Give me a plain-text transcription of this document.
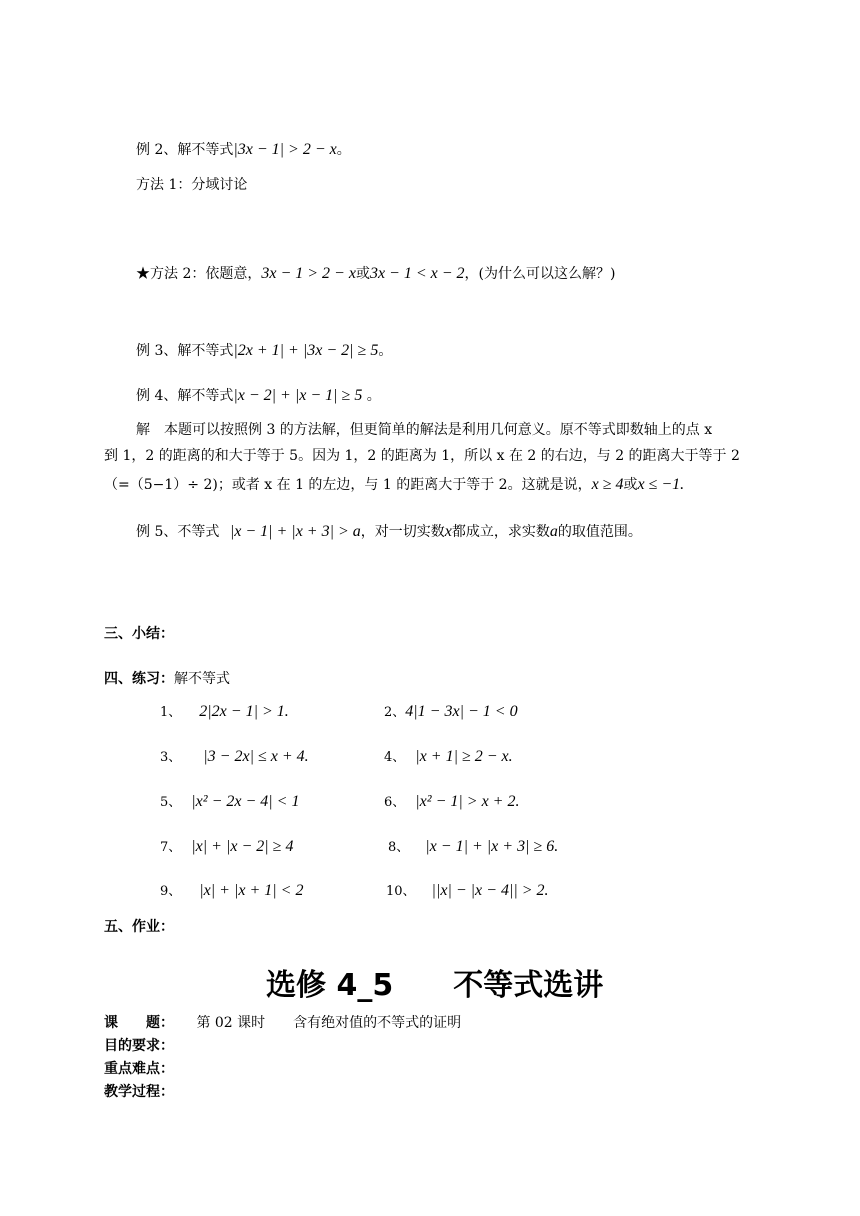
例 2、解不等式|3x − 1| > 2 − x。
方法 1：分域讨论
★方法 2：依题意，3x − 1 > 2 − x或3x − 1 < x − 2，(为什么可以这么解？)
例 3、解不等式|2x + 1| + |3x − 2| ≥ 5。
例 4、解不等式|x − 2| + |x − 1| ≥ 5 。
解　本题可以按照例 3 的方法解，但更简单的解法是利用几何意义。原不等式即数轴上的点 x
到 1，2 的距离的和大于等于 5。因为 1，2 的距离为 1，所以 x 在 2 的右边，与 2 的距离大于等于 2
（=（5−1）÷ 2)；或者 x 在 1 的左边，与 1 的距离大于等于 2。这就是说，x ≥ 4或x ≤ −1.
例 5、不等式 |x − 1| + |x + 3| > a，对一切实数x都成立，求实数a的取值范围。
三、小结：
四、练习：解不等式
1、 2|2x − 1| > 1.	2、4|1 − 3x| − 1 < 0
3、 |3 − 2x| ≤ x + 4.	4、 |x + 1| ≥ 2 − x.
5、 |x² − 2x − 4| < 1	6、 |x² − 1| > x + 2.
7、 |x| + |x − 2| ≥ 4	8、 |x − 1| + |x + 3| ≥ 6.
9、 |x| + |x + 1| < 2	10、 ||x| − |x − 4|| > 2.
五、作业：
选修 4_5　　不等式选讲
课　　题： 第 02 课时　　含有绝对值的不等式的证明
目的要求：
重点难点：
教学过程：
